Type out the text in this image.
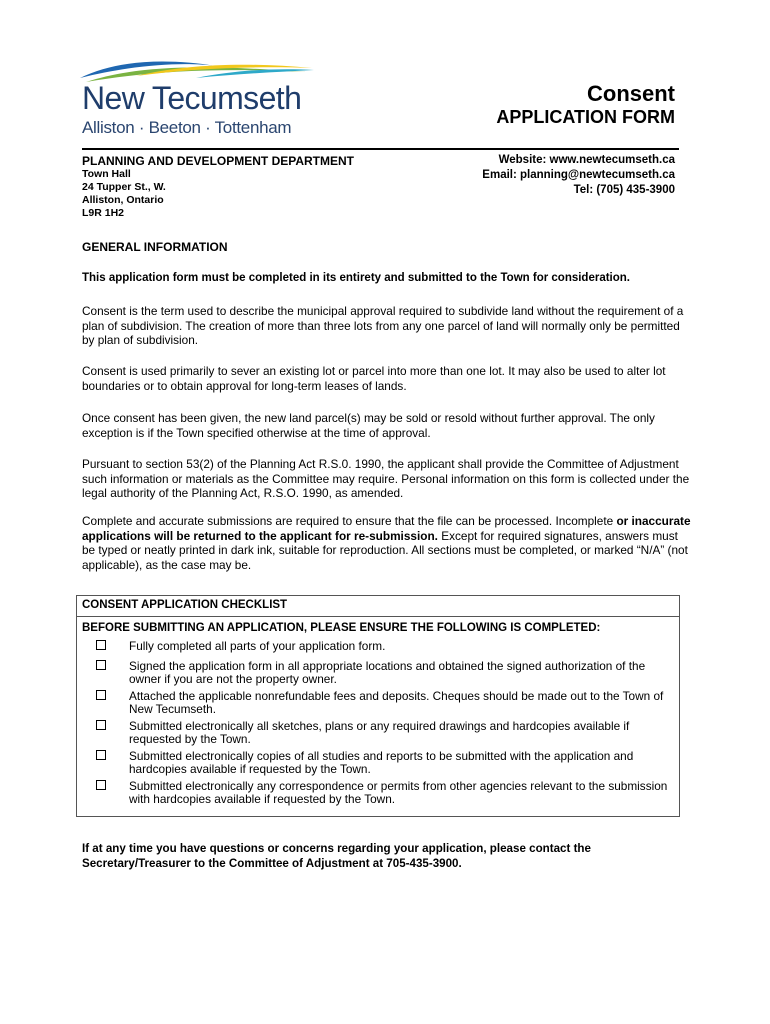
New Tecumseth
Alliston · Beeton · Tottenham
Consent
APPLICATION FORM
PLANNING AND DEVELOPMENT DEPARTMENT
Town Hall
24 Tupper St., W.
Alliston, Ontario
L9R 1H2
Website: www.newtecumseth.ca
Email: planning@newtecumseth.ca
Tel: (705) 435-3900
GENERAL INFORMATION
This application form must be completed in its entirety and submitted to the Town for consideration.
Consent is the term used to describe the municipal approval required to subdivide land without the requirement of a plan of subdivision. The creation of more than three lots from any one parcel of land will normally only be permitted by plan of subdivision.
Consent is used primarily to sever an existing lot or parcel into more than one lot. It may also be used to alter lot boundaries or to obtain approval for long-term leases of lands.
Once consent has been given, the new land parcel(s) may be sold or resold without further approval. The only exception is if the Town specified otherwise at the time of approval.
Pursuant to section 53(2) of the Planning Act R.S.0. 1990, the applicant shall provide the Committee of Adjustment such information or materials as the Committee may require. Personal information on this form is collected under the legal authority of the Planning Act, R.S.O. 1990, as amended.
Complete and accurate submissions are required to ensure that the file can be processed. Incomplete or inaccurate applications will be returned to the applicant for re-submission. Except for required signatures, answers must be typed or neatly printed in dark ink, suitable for reproduction. All sections must be completed, or marked “N/A” (not applicable), as the case may be.
CONSENT APPLICATION CHECKLIST
BEFORE SUBMITTING AN APPLICATION, PLEASE ENSURE THE FOLLOWING IS COMPLETED:
Fully completed all parts of your application form.
Signed the application form in all appropriate locations and obtained the signed authorization of the owner if you are not the property owner.
Attached the applicable nonrefundable fees and deposits. Cheques should be made out to the Town of New Tecumseth.
Submitted electronically all sketches, plans or any required drawings and hardcopies available if requested by the Town.
Submitted electronically copies of all studies and reports to be submitted with the application and hardcopies available if requested by the Town.
Submitted electronically any correspondence or permits from other agencies relevant to the submission with hardcopies available if requested by the Town.
If at any time you have questions or concerns regarding your application, please contact the Secretary/Treasurer to the Committee of Adjustment at 705-435-3900.
